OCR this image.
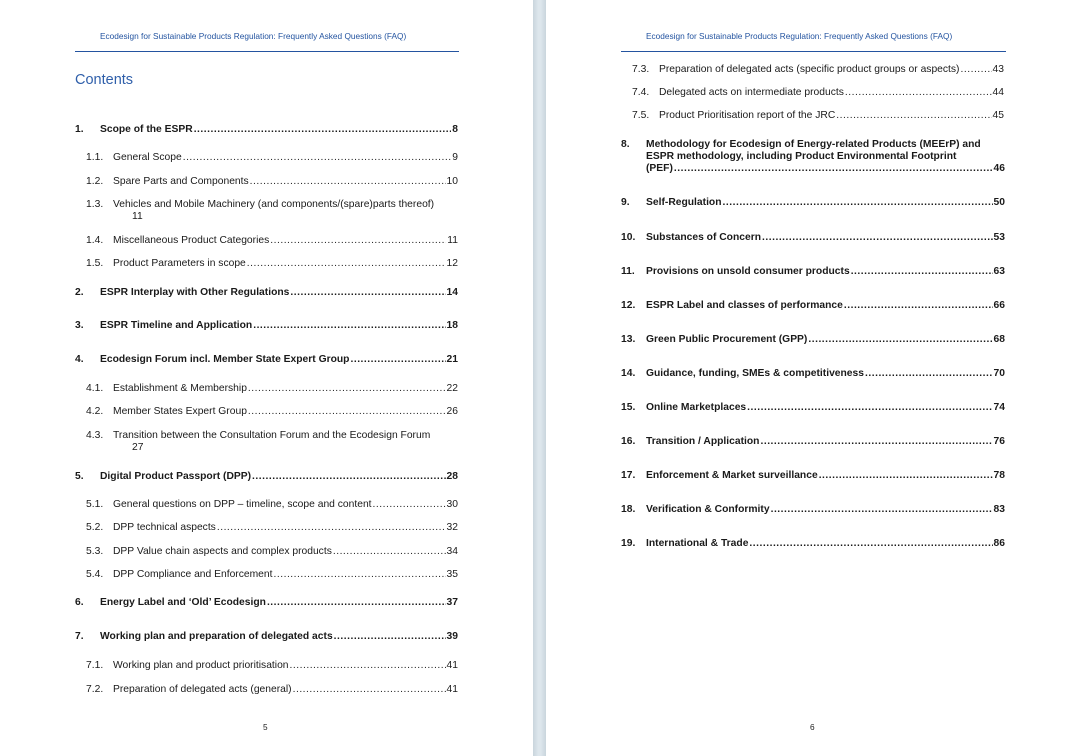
Ecodesign for Sustainable Products Regulation: Frequently Asked Questions (FAQ)
Contents
1.	Scope of the ESPR .....	8
1.1. General Scope .....	9
1.2. Spare Parts and Components .....	10
1.3. Vehicles and Mobile Machinery (and components/(spare)parts thereof)
11
1.4. Miscellaneous Product Categories .....	11
1.5. Product Parameters in scope .....	12
2.	ESPR Interplay with Other Regulations .....	14
3.	ESPR Timeline and Application .....	18
4.	Ecodesign Forum incl. Member State Expert Group .....	21
4.1. Establishment & Membership .....	22
4.2. Member States Expert Group .....	26
4.3. Transition between the Consultation Forum and the Ecodesign Forum
27
5.	Digital Product Passport (DPP) .....	28
5.1. General questions on DPP – timeline, scope and content .....	30
5.2. DPP technical aspects .....	32
5.3. DPP Value chain aspects and complex products .....	34
5.4. DPP Compliance and Enforcement .....	35
6.	Energy Label and ‘Old’ Ecodesign .....	37
7.	Working plan and preparation of delegated acts .....	39
7.1. Working plan and product prioritisation .....	41
7.2. Preparation of delegated acts (general) .....	41
5
Ecodesign for Sustainable Products Regulation: Frequently Asked Questions (FAQ)
7.3. Preparation of delegated acts (specific product groups or aspects) .....	43
7.4. Delegated acts on intermediate products .....	44
7.5. Product Prioritisation report of the JRC .....	45
8.	Methodology for Ecodesign of Energy-related Products (MEErP) and
ESPR methodology, including Product Environmental Footprint
(PEF) .....	46
9.	Self-Regulation .....	50
10.	Substances of Concern .....	53
11.	Provisions on unsold consumer products .....	63
12.	ESPR Label and classes of performance .....	66
13.	Green Public Procurement (GPP) .....	68
14.	Guidance, funding, SMEs & competitiveness .....	70
15.	Online Marketplaces .....	74
16.	Transition / Application .....	76
17.	Enforcement & Market surveillance .....	78
18.	Verification & Conformity .....	83
19.	International & Trade .....	86
6
